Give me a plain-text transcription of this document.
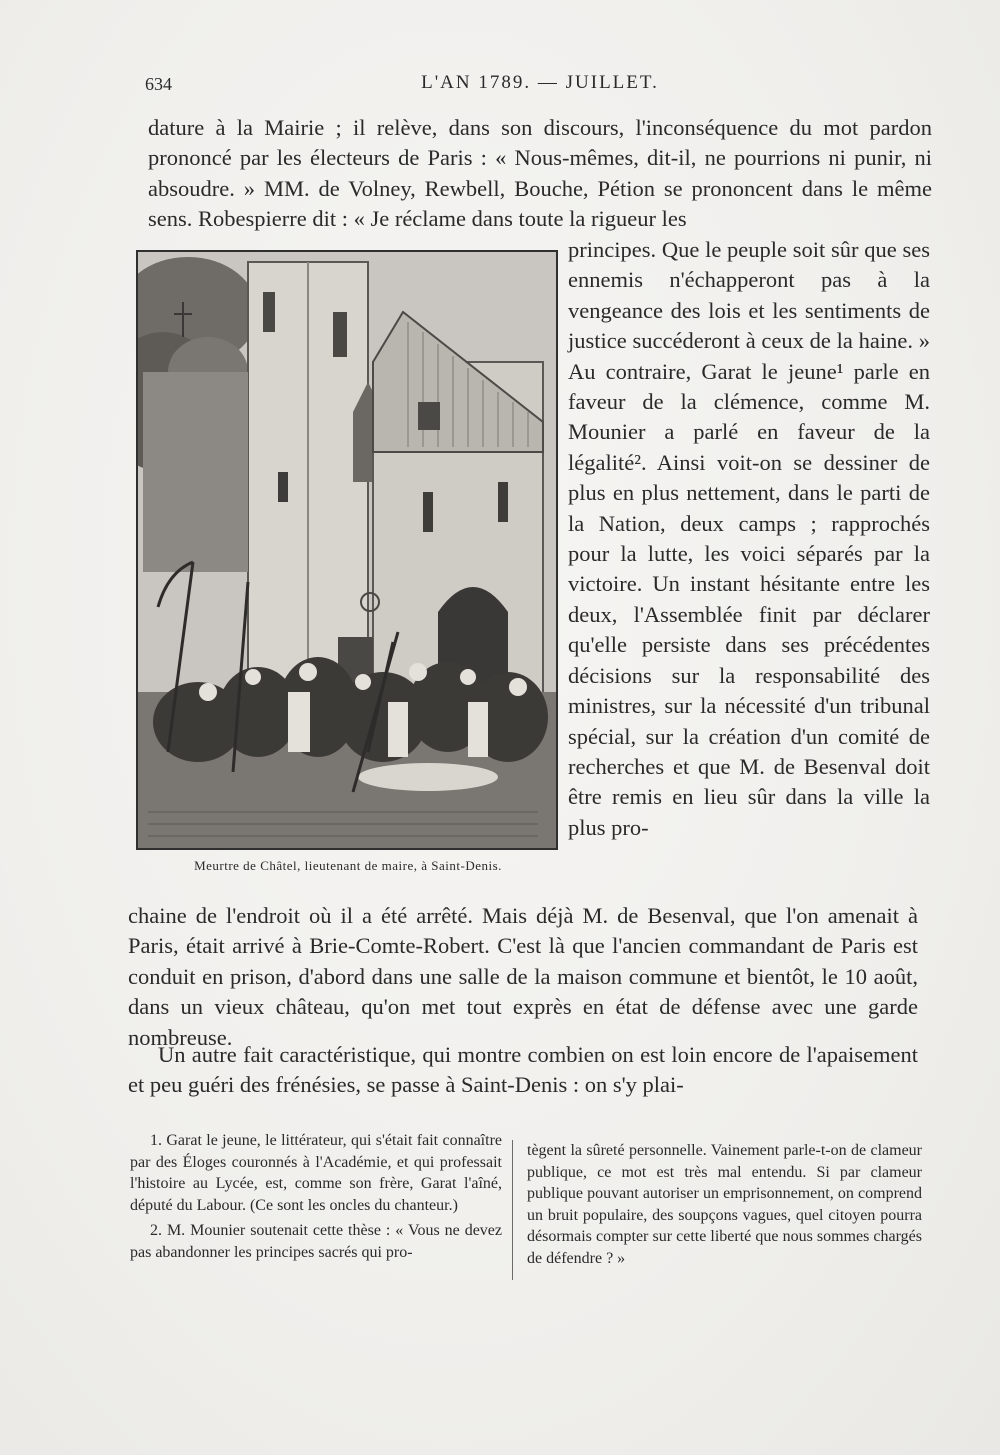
634	L'AN 1789. — JUILLET.
dature à la Mairie ; il relève, dans son discours, l'inconséquence du mot pardon prononcé par les électeurs de Paris : « Nous-mêmes, dit-il, ne pourrions ni punir, ni absoudre. » MM. de Volney, Rewbell, Bouche, Pétion se prononcent dans le même sens. Robespierre dit : « Je réclame dans toute la rigueur les
principes. Que le peuple soit sûr que ses ennemis n'échapperont pas à la vengeance des lois et les sentiments de justice succéderont à ceux de la haine. » Au contraire, Garat le jeune¹ parle en faveur de la clémence, comme M. Mounier a parlé en faveur de la légalité². Ainsi voit-on se dessiner de plus en plus nettement, dans le parti de la Nation, deux camps ; rapprochés pour la lutte, les voici séparés par la victoire. Un instant hésitante entre les deux, l'Assemblée finit par déclarer qu'elle persiste dans ses précédentes décisions sur la responsabilité des ministres, sur la nécessité d'un tribunal spécial, sur la création d'un comité de recherches et que M. de Besenval doit être remis en lieu sûr dans la ville la plus pro-
Meurtre de Châtel, lieutenant de maire, à Saint-Denis.
chaine de l'endroit où il a été arrêté. Mais déjà M. de Besenval, que l'on amenait à Paris, était arrivé à Brie-Comte-Robert. C'est là que l'ancien commandant de Paris est conduit en prison, d'abord dans une salle de la maison commune et bientôt, le 10 août, dans un vieux château, qu'on met tout exprès en état de défense avec une garde nombreuse.
Un autre fait caractéristique, qui montre combien on est loin encore de l'apaisement et peu guéri des frénésies, se passe à Saint-Denis : on s'y plai-

1. Garat le jeune, le littérateur, qui s'était fait connaître par des Éloges couronnés à l'Académie, et qui professait l'histoire au Lycée, est, comme son frère, Garat l'aîné, député du Labour. (Ce sont les oncles du chanteur.)

2. M. Mounier soutenait cette thèse : « Vous ne devez pas abandonner les principes sacrés qui pro-

tègent la sûreté personnelle. Vainement parle-t-on de clameur publique, ce mot est très mal entendu. Si par clameur publique pouvant autoriser un emprisonnement, on comprend un bruit populaire, des soupçons vagues, quel citoyen pourra désormais compter sur cette liberté que nous sommes chargés de défendre ? »
